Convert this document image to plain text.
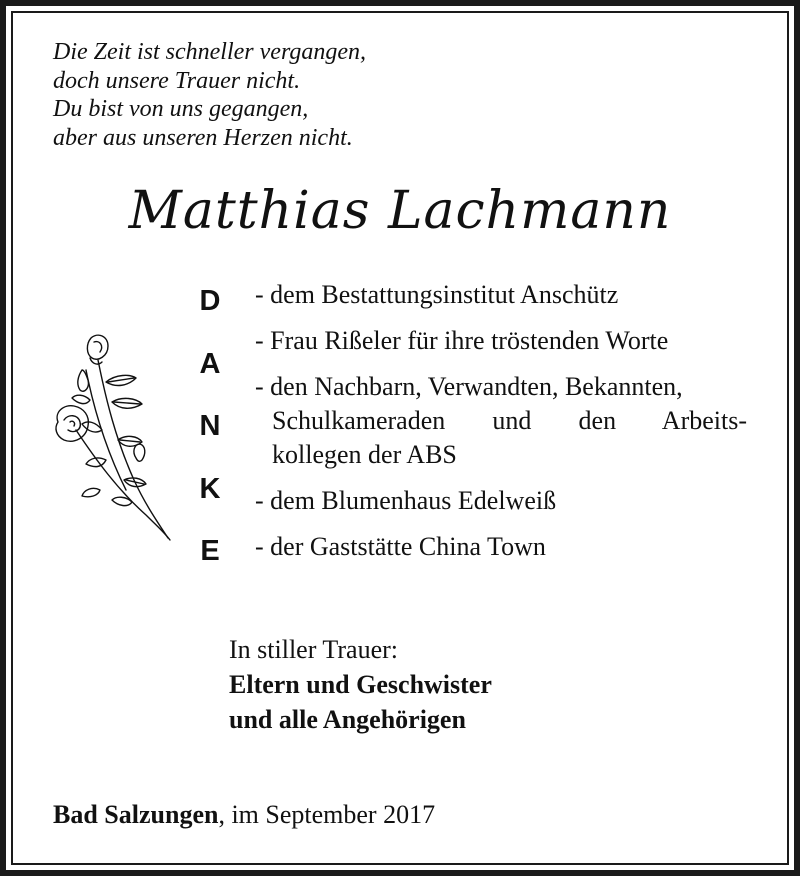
Die Zeit ist schneller vergangen,
doch unsere Trauer nicht.
Du bist von uns gegangen,
aber aus unseren Herzen nicht.
Matthias Lachmann
D
A
N
K
E
- dem Bestattungsinstitut Anschütz
- Frau Rißeler für ihre tröstenden Worte
- den Nachbarn, Verwandten, Bekannten,
Schulkameraden und den Arbeits-
kollegen der ABS
- dem Blumenhaus Edelweiß
- der Gaststätte China Town
In stiller Trauer:
Eltern und Geschwister
und alle Angehörigen
Bad Salzungen, im September 2017
